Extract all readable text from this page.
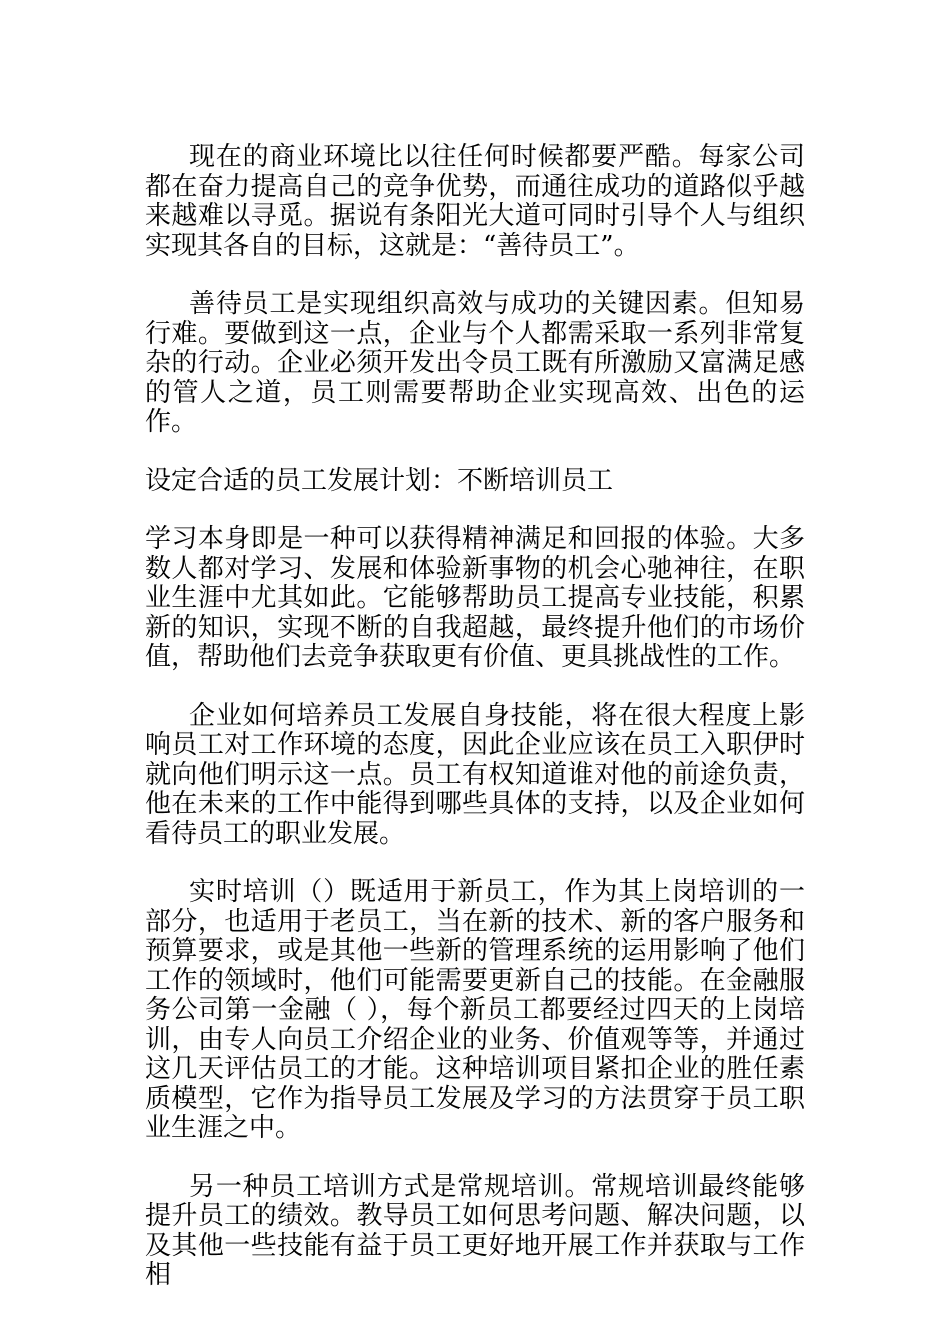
现在的商业环境比以往任何时候都要严酷。每家公司都在奋力提高自己的竞争优势，而通往成功的道路似乎越来越难以寻觅。据说有条阳光大道可同时引导个人与组织实现其各自的目标，这就是：“善待员工”。

善待员工是实现组织高效与成功的关键因素。但知易行难。要做到这一点，企业与个人都需采取一系列非常复杂的行动。企业必须开发出令员工既有所激励又富满足感的管人之道，员工则需要帮助企业实现高效、出色的运作。

设定合适的员工发展计划：不断培训员工

学习本身即是一种可以获得精神满足和回报的体验。大多数人都对学习、发展和体验新事物的机会心驰神往，在职业生涯中尤其如此。它能够帮助员工提高专业技能，积累新的知识，实现不断的自我超越，最终提升他们的市场价值，帮助他们去竞争获取更有价值、更具挑战性的工作。

企业如何培养员工发展自身技能，将在很大程度上影响员工对工作环境的态度，因此企业应该在员工入职伊时就向他们明示这一点。员工有权知道谁对他的前途负责，他在未来的工作中能得到哪些具体的支持，以及企业如何看待员工的职业发展。

实时培训（）既适用于新员工，作为其上岗培训的一部分，也适用于老员工，当在新的技术、新的客户服务和预算要求，或是其他一些新的管理系统的运用影响了他们工作的领域时，他们可能需要更新自己的技能。在金融服务公司第一金融（ ），每个新员工都要经过四天的上岗培训，由专人向员工介绍企业的业务、价值观等等，并通过这几天评估员工的才能。这种培训项目紧扣企业的胜任素质模型，它作为指导员工发展及学习的方法贯穿于员工职业生涯之中。

另一种员工培训方式是常规培训。常规培训最终能够提升员工的绩效。教导员工如何思考问题、解决问题，以及其他一些技能有益于员工更好地开展工作并获取与工作相
